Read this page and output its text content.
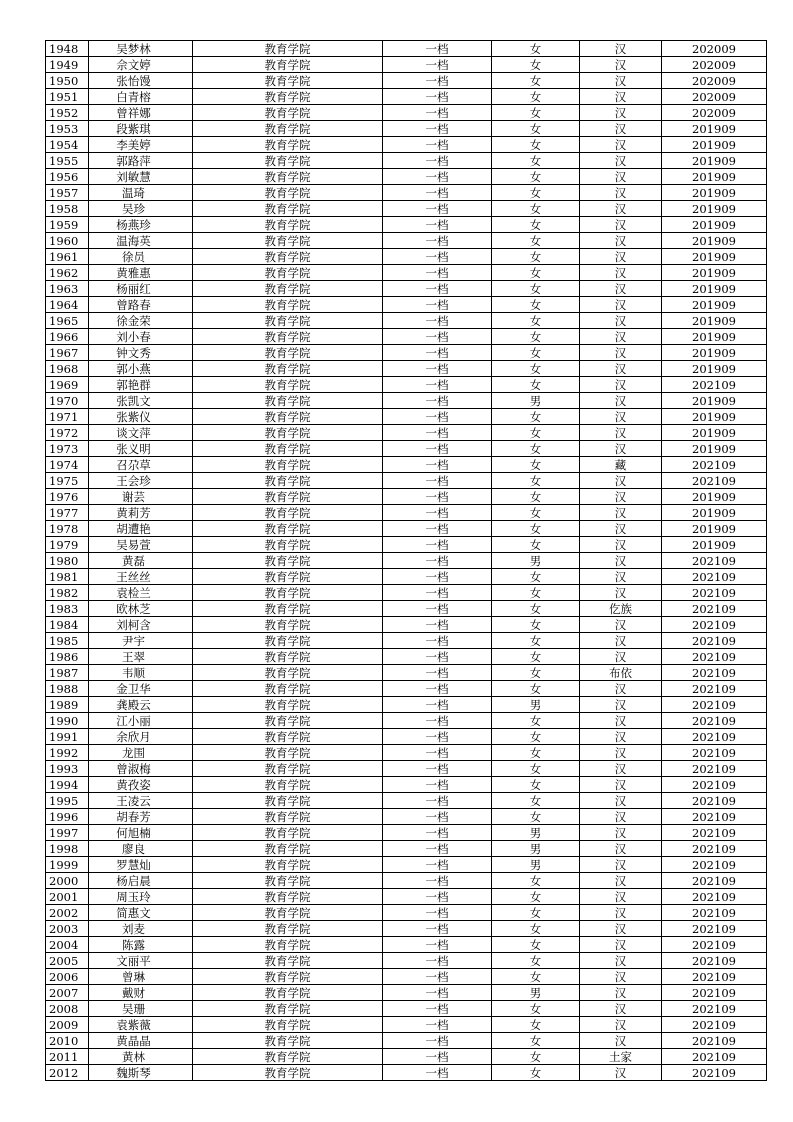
1948	吴梦林	教育学院	一档	女	汉	202009
1949	佘文婷	教育学院	一档	女	汉	202009
1950	张怡馒	教育学院	一档	女	汉	202009
1951	白青榕	教育学院	一档	女	汉	202009
1952	曾祥娜	教育学院	一档	女	汉	202009
1953	段紫琪	教育学院	一档	女	汉	201909
1954	李美婷	教育学院	一档	女	汉	201909
1955	郭路萍	教育学院	一档	女	汉	201909
1956	刘敏慧	教育学院	一档	女	汉	201909
1957	温琦	教育学院	一档	女	汉	201909
1958	吴珍	教育学院	一档	女	汉	201909
1959	杨燕珍	教育学院	一档	女	汉	201909
1960	温海英	教育学院	一档	女	汉	201909
1961	徐员	教育学院	一档	女	汉	201909
1962	黄雅惠	教育学院	一档	女	汉	201909
1963	杨丽红	教育学院	一档	女	汉	201909
1964	曾路春	教育学院	一档	女	汉	201909
1965	徐金荣	教育学院	一档	女	汉	201909
1966	刘小春	教育学院	一档	女	汉	201909
1967	钟文秀	教育学院	一档	女	汉	201909
1968	郭小燕	教育学院	一档	女	汉	201909
1969	郭艳群	教育学院	一档	女	汉	202109
1970	张凯文	教育学院	一档	男	汉	201909
1971	张紫仪	教育学院	一档	女	汉	201909
1972	谈文萍	教育学院	一档	女	汉	201909
1973	张义明	教育学院	一档	女	汉	201909
1974	召尕草	教育学院	一档	女	藏	202109
1975	王会珍	教育学院	一档	女	汉	202109
1976	谢芸	教育学院	一档	女	汉	201909
1977	黄莉芳	教育学院	一档	女	汉	201909
1978	胡遭艳	教育学院	一档	女	汉	201909
1979	吴易萱	教育学院	一档	女	汉	201909
1980	黄磊	教育学院	一档	男	汉	202109
1981	王丝丝	教育学院	一档	女	汉	202109
1982	袁检兰	教育学院	一档	女	汉	202109
1983	欧林芝	教育学院	一档	女	仡族	202109
1984	刘柯含	教育学院	一档	女	汉	202109
1985	尹宇	教育学院	一档	女	汉	202109
1986	王翠	教育学院	一档	女	汉	202109
1987	韦顺	教育学院	一档	女	布依	202109
1988	金卫华	教育学院	一档	女	汉	202109
1989	龚殿云	教育学院	一档	男	汉	202109
1990	江小丽	教育学院	一档	女	汉	202109
1991	余欣月	教育学院	一档	女	汉	202109
1992	龙围	教育学院	一档	女	汉	202109
1993	曾淑梅	教育学院	一档	女	汉	202109
1994	黄孜姿	教育学院	一档	女	汉	202109
1995	王凌云	教育学院	一档	女	汉	202109
1996	胡春芳	教育学院	一档	女	汉	202109
1997	何旭楠	教育学院	一档	男	汉	202109
1998	廖良	教育学院	一档	男	汉	202109
1999	罗慧灿	教育学院	一档	男	汉	202109
2000	杨启晨	教育学院	一档	女	汉	202109
2001	周玉玲	教育学院	一档	女	汉	202109
2002	简惠文	教育学院	一档	女	汉	202109
2003	刘麦	教育学院	一档	女	汉	202109
2004	陈露	教育学院	一档	女	汉	202109
2005	文丽平	教育学院	一档	女	汉	202109
2006	曾琳	教育学院	一档	女	汉	202109
2007	戴财	教育学院	一档	男	汉	202109
2008	吴珊	教育学院	一档	女	汉	202109
2009	袁紫薇	教育学院	一档	女	汉	202109
2010	黄晶晶	教育学院	一档	女	汉	202109
2011	黄林	教育学院	一档	女	土家	202109
2012	魏斯琴	教育学院	一档	女	汉	202109
